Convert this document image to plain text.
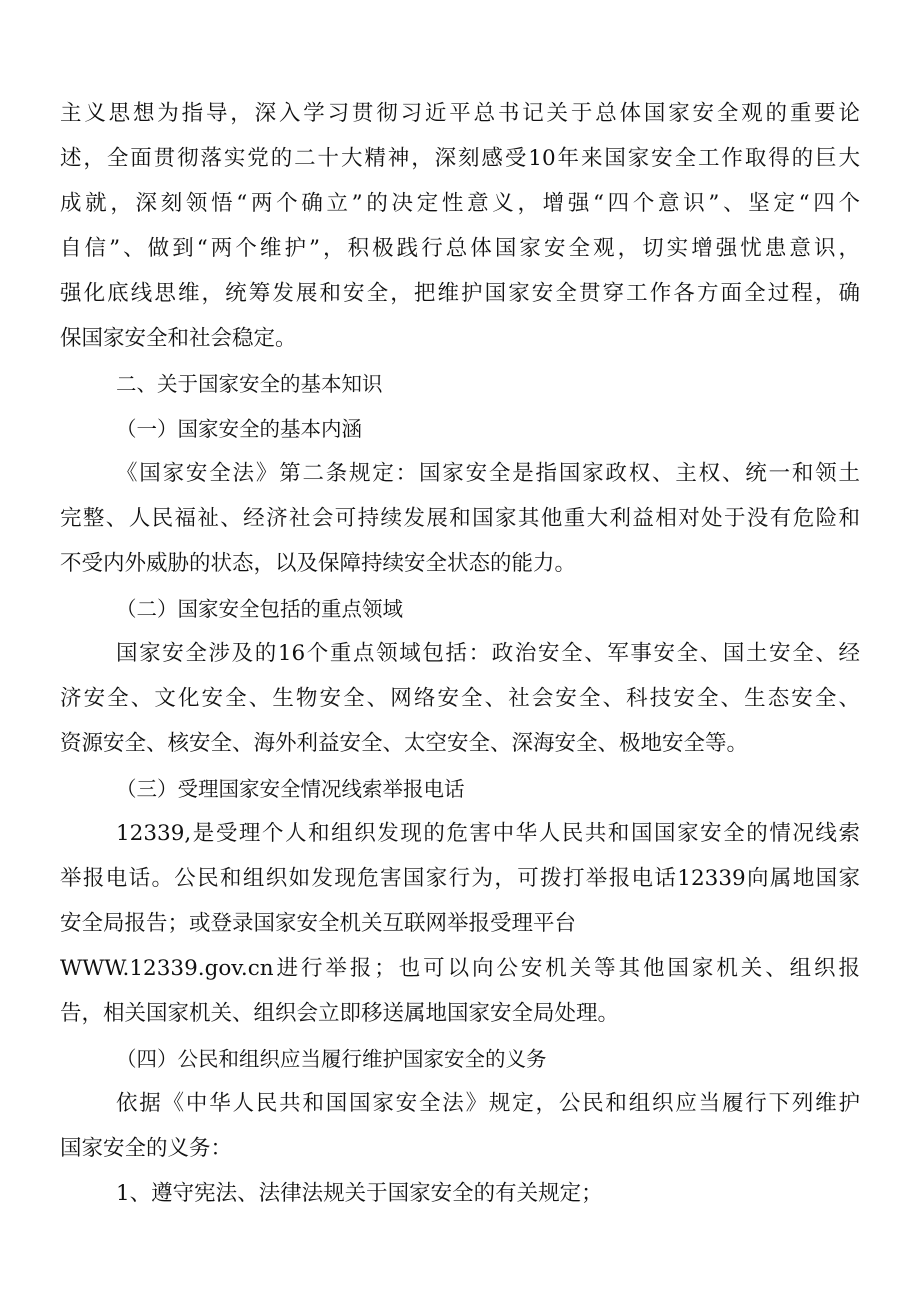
主义思想为指导，深入学习贯彻习近平总书记关于总体国家安全观的重要论
述，全面贯彻落实党的二十大精神，深刻感受10年来国家安全工作取得的巨大
成就，深刻领悟“两个确立”的决定性意义，增强“四个意识”、坚定“四个
自信”、做到“两个维护”，积极践行总体国家安全观，切实增强忧患意识，
强化底线思维，统筹发展和安全，把维护国家安全贯穿工作各方面全过程，确
保国家安全和社会稳定。
二、关于国家安全的基本知识
（一）国家安全的基本内涵
《国家安全法》第二条规定：国家安全是指国家政权、主权、统一和领土
完整、人民福祉、经济社会可持续发展和国家其他重大利益相对处于没有危险和
不受内外威胁的状态，以及保障持续安全状态的能力。
（二）国家安全包括的重点领域
国家安全涉及的16个重点领域包括：政治安全、军事安全、国土安全、经
济安全、文化安全、生物安全、网络安全、社会安全、科技安全、生态安全、
资源安全、核安全、海外利益安全、太空安全、深海安全、极地安全等。
（三）受理国家安全情况线索举报电话
12339,是受理个人和组织发现的危害中华人民共和国国家安全的情况线索
举报电话。公民和组织如发现危害国家行为，可拨打举报电话12339向属地国家
安全局报告；或登录国家安全机关互联网举报受理平台
WWW.12339.gov.cn进行举报；也可以向公安机关等其他国家机关、组织报
告，相关国家机关、组织会立即移送属地国家安全局处理。
（四）公民和组织应当履行维护国家安全的义务
依据《中华人民共和国国家安全法》规定，公民和组织应当履行下列维护
国家安全的义务：
1、遵守宪法、法律法规关于国家安全的有关规定；
